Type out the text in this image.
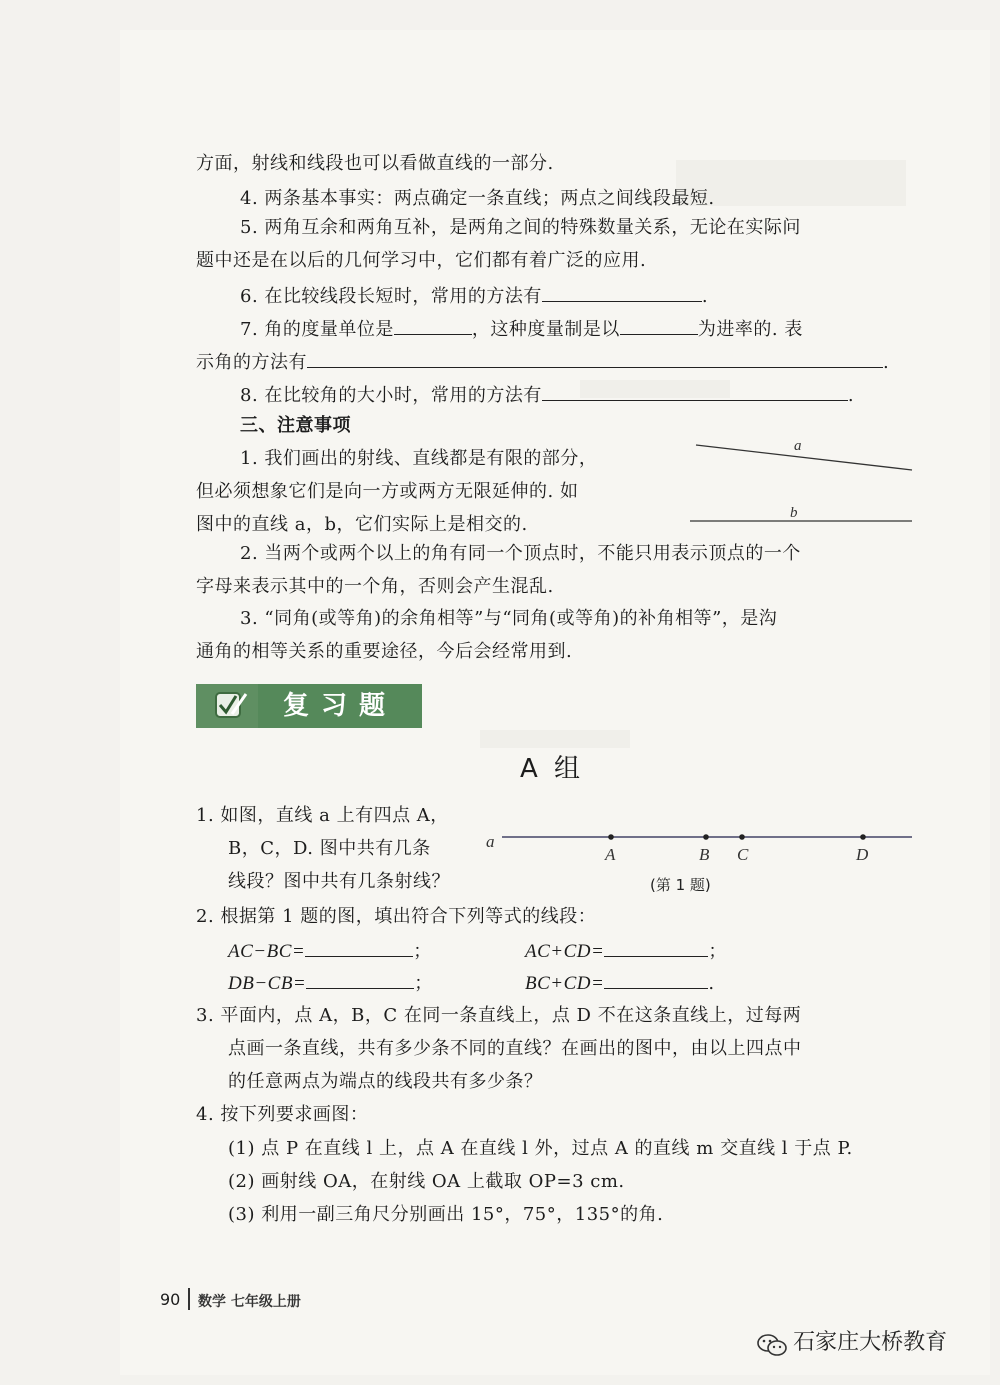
方面，射线和线段也可以看做直线的一部分.
4. 两条基本事实：两点确定一条直线；两点之间线段最短.
5. 两角互余和两角互补，是两角之间的特殊数量关系，无论在实际问
题中还是在以后的几何学习中，它们都有着广泛的应用.
6. 在比较线段长短时，常用的方法有	.
7. 角的度量单位是	，这种度量制是以	为进率的. 表
示角的方法有	.
8. 在比较角的大小时，常用的方法有	.
三、注意事项
1. 我们画出的射线、直线都是有限的部分，
但必须想象它们是向一方或两方无限延伸的. 如
图中的直线 a，b，它们实际上是相交的.
a
b
2. 当两个或两个以上的角有同一个顶点时，不能只用表示顶点的一个
字母来表示其中的一个角，否则会产生混乱.
3. “同角(或等角)的余角相等”与“同角(或等角)的补角相等”，是沟
通角的相等关系的重要途径，今后会经常用到.
复习题
A 组
1. 如图，直线 a 上有四点 A，
B，C，D. 图中共有几条
线段？图中共有几条射线？
a
A	B C	D
(第 1 题)
2. 根据第 1 题的图，填出符合下列等式的线段：
AC−BC=	；	AC+CD=	；
DB−CB=	；	BC+CD=	.
3. 平面内，点 A，B，C 在同一条直线上，点 D 不在这条直线上，过每两
点画一条直线，共有多少条不同的直线？在画出的图中，由以上四点中
的任意两点为端点的线段共有多少条？
4. 按下列要求画图：
(1) 点 P 在直线 l 上，点 A 在直线 l 外，过点 A 的直线 m 交直线 l 于点 P.
(2) 画射线 OA，在射线 OA 上截取 OP=3 cm.
(3) 利用一副三角尺分别画出 15°，75°，135°的角.
90 数学 七年级上册
石家庄大桥教育
